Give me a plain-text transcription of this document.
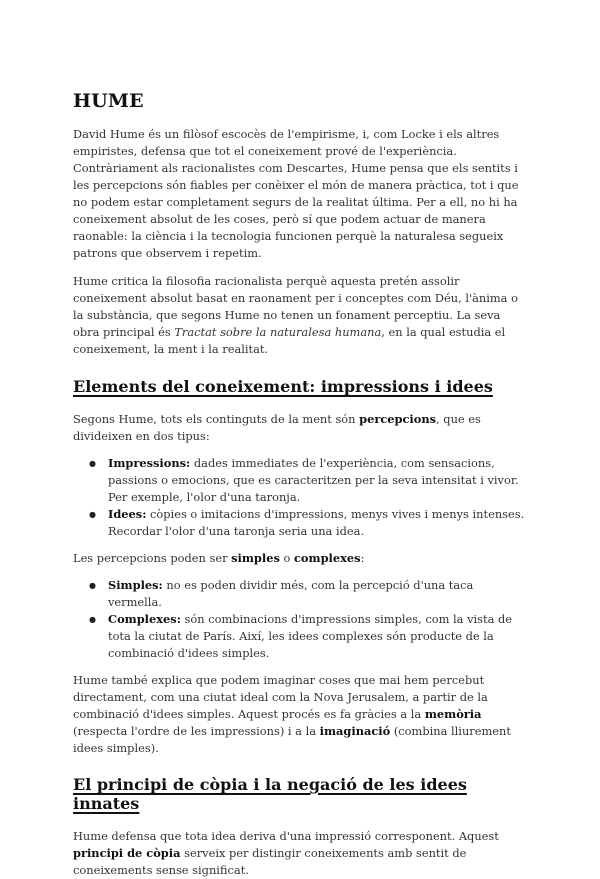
HUME

David Hume és un filòsof escocès de l'empirisme, i, com Locke i els altres empiristes, defensa que tot el coneixement prové de l'experiència. Contràriament als racionalistes com Descartes, Hume pensa que els sentits i les percepcions són fiables per conèixer el món de manera pràctica, tot i que no podem estar completament segurs de la realitat última. Per a ell, no hi ha coneixement absolut de les coses, però sí que podem actuar de manera raonable: la ciència i la tecnologia funcionen perquè la naturalesa segueix patrons que observem i repetim.

Hume critica la filosofia racionalista perquè aquesta pretén assolir coneixement absolut basat en raonament per i conceptes com Déu, l'ànima o la substància, que segons Hume no tenen un fonament perceptiu. La seva obra principal és Tractat sobre la naturalesa humana, en la qual estudia el coneixement, la ment i la realitat.

Elements del coneixement: impressions i idees

Segons Hume, tots els continguts de la ment són percepcions, que es divideixen en dos tipus:

● Impressions: dades immediates de l'experiència, com sensacions, passions o emocions, que es caracteritzen per la seva intensitat i vivor. Per exemple, l'olor d'una taronja.
● Idees: còpies o imitacions d'impressions, menys vives i menys intenses. Recordar l'olor d'una taronja seria una idea.

Les percepcions poden ser simples o complexes:

● Simples: no es poden dividir més, com la percepció d'una taca vermella.
● Complexes: són combinacions d'impressions simples, com la vista de tota la ciutat de París. Així, les idees complexes són producte de la combinació d'idees simples.

Hume també explica que podem imaginar coses que mai hem percebut directament, com una ciutat ideal com la Nova Jerusalem, a partir de la combinació d'idees simples. Aquest procés es fa gràcies a la memòria (respecta l'ordre de les impressions) i a la imaginació (combina lliurement idees simples).

El principi de còpia i la negació de les idees innates

Hume defensa que tota idea deriva d'una impressió corresponent. Aquest principi de còpia serveix per distingir coneixements amb sentit de coneixements sense significat.
